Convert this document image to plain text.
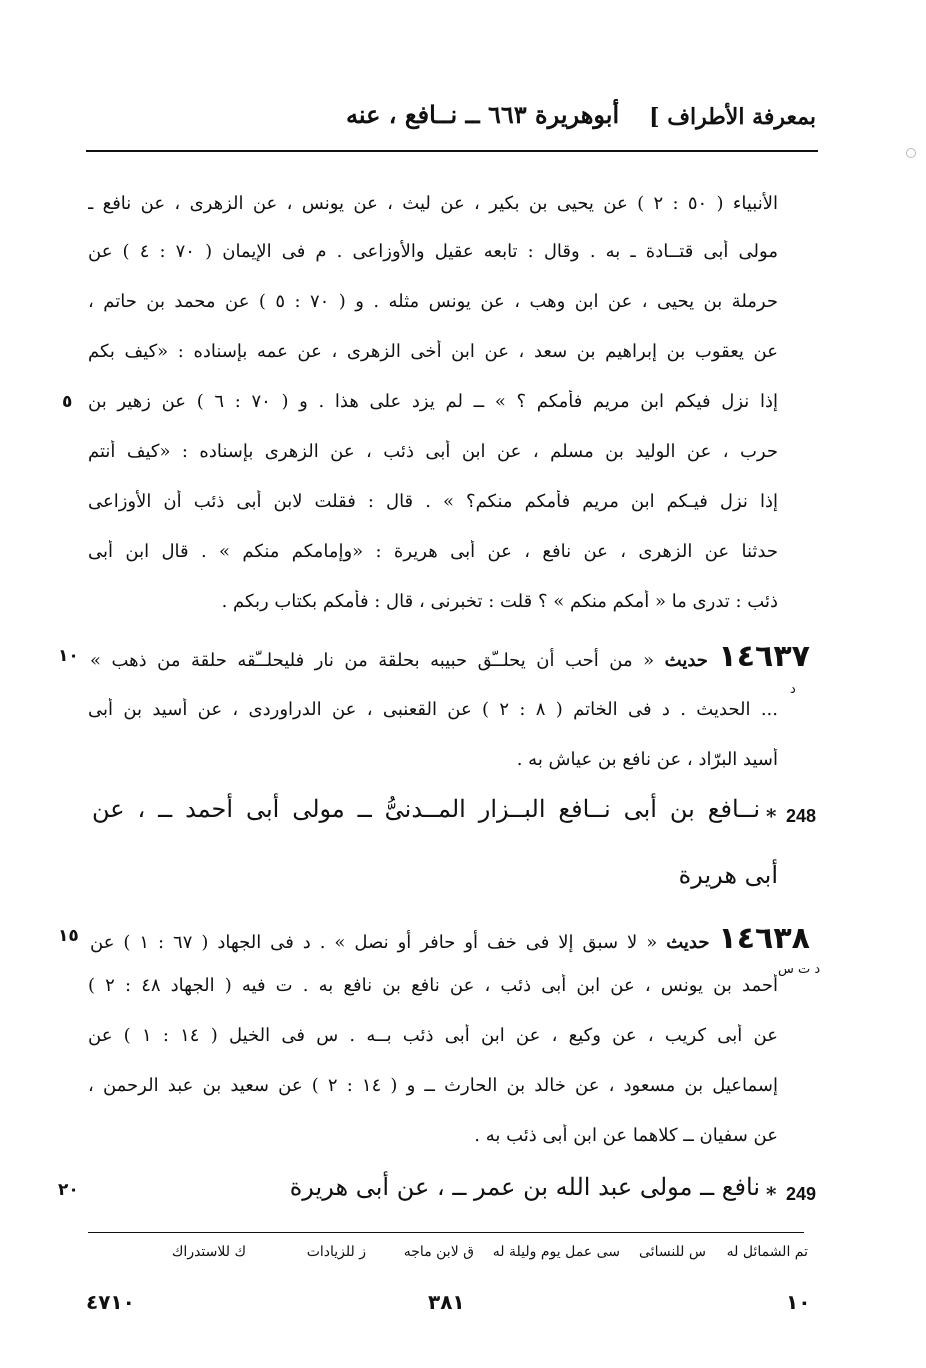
بمعرفة الأطراف ]
أبوهريرة ٦٦٣ ــ نــافع ، عنه
الأنبياء ( ٥٠ : ٢ ) عن يحيى بن بكير ، عن ليث ، عن يونس ، عن الزهرى ، عن نافع ـ
مولى أبى قتــادة ـ به . وقال : تابعه عقيل والأوزاعى . م فى الإيمان ( ٧٠ : ٤ ) عن
حرملة بن يحيى ، عن ابن وهب ، عن يونس مثله . و ( ٧٠ : ٥ ) عن محمد بن حاتم ،
عن يعقوب بن إبراهيم بن سعد ، عن ابن أخى الزهرى ، عن عمه بإسناده : «كيف بكم
إذا نزل فيكم ابن مريم فأمكم ؟ » ــ لم يزد على هذا . و ( ٧٠ : ٦ ) عن زهير بن
حرب ، عن الوليد بن مسلم ، عن ابن أبى ذئب ، عن الزهرى بإسناده : «كيف أنتم
إذا نزل فيـكم ابن مريم فأمكم منكم؟ » . قال : فقلت لابن أبى ذئب أن الأوزاعى
حدثنا عن الزهرى ، عن نافع ، عن أبى هريرة : «وإمامكم منكم » . قال ابن أبى
ذئب : تدرى ما « أمكم منكم » ؟ قلت : تخبرنى ، قال : فأمكم بكتاب ربكم .
٥
١٤٦٣٧ حديث « من أحب أن يحلــّق حبيبه بحلقة من نار فليحلــّقه حلقة من ذهب »
١٠
د
... الحديث . د فى الخاتم ( ٨ : ٢ ) عن القعنبى ، عن الدراوردى ، عن أسيد بن أبى
أسيد البرّاد ، عن نافع بن عياش به .
248
*
نــافع بن أبى نــافع البــزار المــدنىُّ ــ مولى أبى أحمد ــ ، عن
أبى هريرة
١٤٦٣٨ حديث « لا سبق إلا فى خف أو حافر أو نصل » . د فى الجهاد ( ٦٧ : ١ ) عن
١٥
د ت س
أحمد بن يونس ، عن ابن أبى ذئب ، عن نافع بن نافع به . ت فيه ( الجهاد ٤٨ : ٢ )
عن أبى كريب ، عن وكيع ، عن ابن أبى ذئب بــه . س فى الخيل ( ١٤ : ١ ) عن
إسماعيل بن مسعود ، عن خالد بن الحارث ــ و ( ١٤ : ٢ ) عن سعيد بن عبد الرحمن ،
عن سفيان ــ كلاهما عن ابن أبى ذئب به .
٢٠	249
*
نافع ــ مولى عبد الله بن عمر ــ ، عن أبى هريرة
تم الشمائل له
س للنسائى
سى عمل يوم وليلة له
ق لابن ماجه
ز للزيادات
ك للاستدراك
٤٧١٠	٣٨١	١٠
